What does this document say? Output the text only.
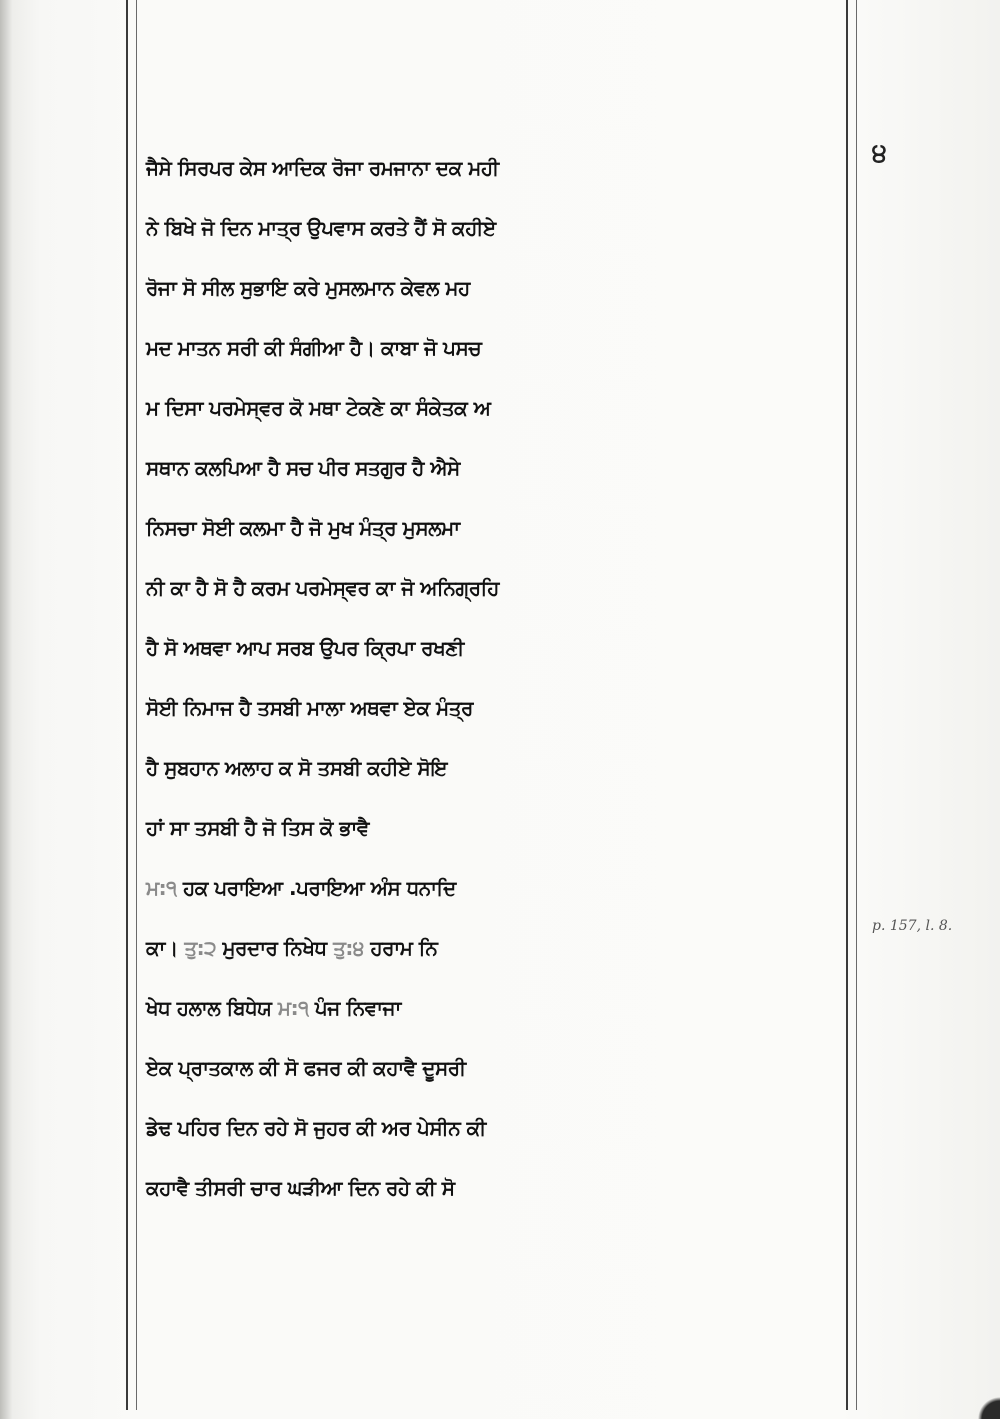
੪
p. 157, l. 8.
ਜੈਸੇ ਸਿਰਪਰ ਕੇਸ ਆਦਿਕ ਰੋਜਾ ਰਮਜਾਨਾ ਦਕ ਮਹੀ
ਨੇ ਬਿਖੇ ਜੋ ਦਿਨ ਮਾਤ੍ਰ ਉਪਵਾਸ ਕਰਤੇ ਹੈਂ ਸੋ ਕਹੀਏ
ਰੋਜਾ ਸੋ ਸੀਲ ਸੁਭਾਇ ਕਰੇ ਮੁਸਲਮਾਨ ਕੇਵਲ ਮਹ
ਮਦ ਮਾਤਨ ਸਰੀ ਕੀ ਸੰਗੀਆ ਹੈ। ਕਾਬਾ ਜੋ ਪਸਚ
ਮ ਦਿਸਾ ਪਰਮੇਸ੍ਵਰ ਕੋ ਮਥਾ ਟੇਕਣੇ ਕਾ ਸੰਕੇਤਕ ਅ
ਸਥਾਨ ਕਲਪਿਆ ਹੈ ਸਚ ਪੀਰ ਸਤਗੁਰ ਹੈ ਐਸੇ
ਨਿਸਚਾ ਸੋਈ ਕਲਮਾ ਹੈ ਜੋ ਮੁਖ ਮੰਤ੍ਰ ਮੁਸਲਮਾ
ਨੀ ਕਾ ਹੈ ਸੋ ਹੈ ਕਰਮ ਪਰਮੇਸ੍ਵਰ ਕਾ ਜੋ ਅਨਿਗ੍ਰਹਿ
ਹੈ ਸੋ ਅਥਵਾ ਆਪ ਸਰਬ ਉਪਰ ਕ੍ਰਿਪਾ ਰਖਣੀ
ਸੋਈ ਨਿਮਾਜ ਹੈ ਤਸਬੀ ਮਾਲਾ ਅਥਵਾ ਏਕ ਮੰਤ੍ਰ
ਹੈ ਸੁਬਹਾਨ ਅਲਾਹ ਕ ਸੋ ਤਸਬੀ ਕਹੀਏ ਸੋਇ
ਹਾਂ ਸਾ ਤਸਬੀ ਹੈ ਜੋ ਤਿਸ ਕੋ ਭਾਵੈ
ਮ:੧ ਹਕ ਪਰਾਇਆ .ਪਰਾਇਆ ਅੰਸ ਧਨਾਦਿ
ਕਾ। ਤੁ:੨ ਮੁਰਦਾਰ ਨਿਖੇਧ ਤੁ:੪ ਹਰਾਮ ਨਿ
ਖੇਧ ਹਲਾਲ ਬਿਧੇਯ ਮ:੧ ਪੰਜ ਨਿਵਾਜਾ
ਏਕ ਪ੍ਰਾਤਕਾਲ ਕੀ ਸੋ ਫਜਰ ਕੀ ਕਹਾਵੈ ਦੂਸਰੀ
ਡੇਢ ਪਹਿਰ ਦਿਨ ਰਹੇ ਸੋ ਜੁਹਰ ਕੀ ਅਰ ਪੇਸੀਨ ਕੀ
ਕਹਾਵੈ ਤੀਸਰੀ ਚਾਰ ਘੜੀਆ ਦਿਨ ਰਹੇ ਕੀ ਸੋ
